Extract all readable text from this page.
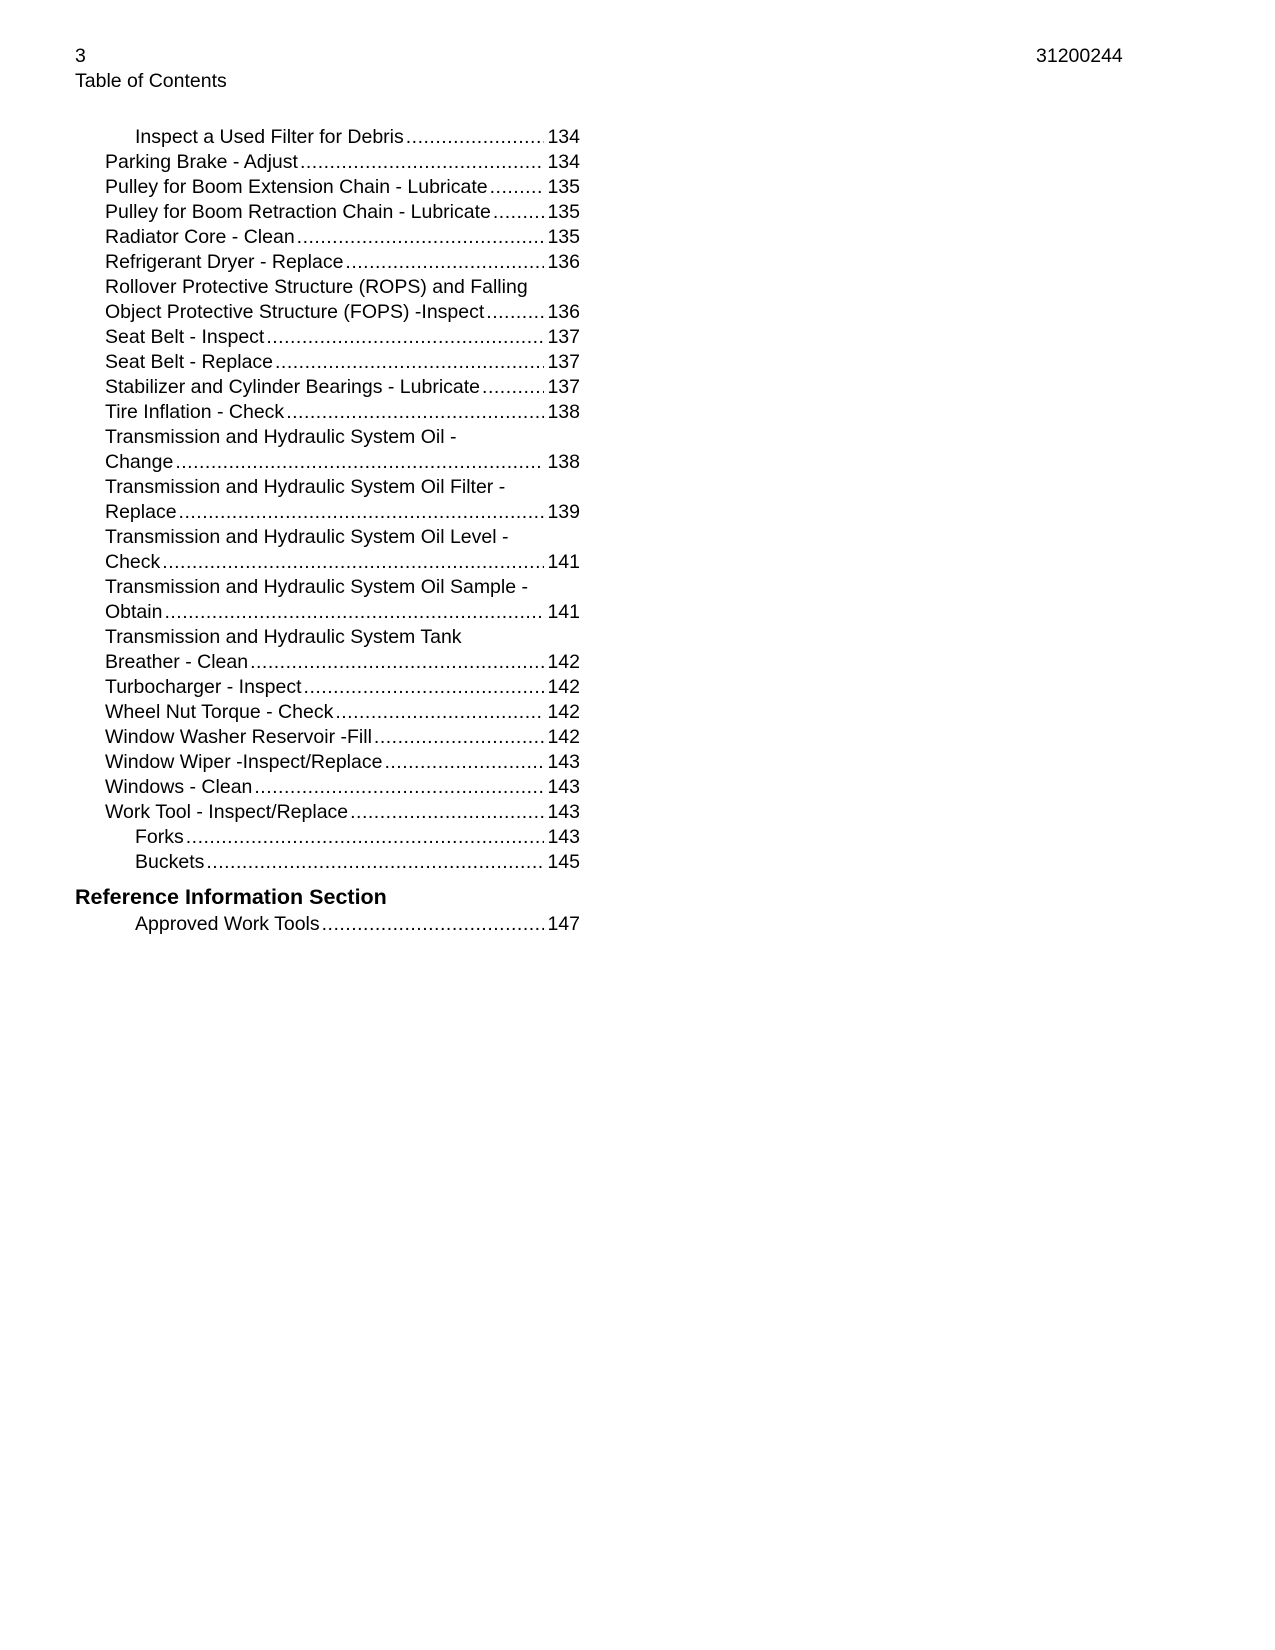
3
Table of Contents
31200244
Inspect a Used Filter for Debris .....	134
Parking Brake - Adjust .....	134
Pulley for Boom Extension Chain - Lubricate .....	135
Pulley for Boom Retraction Chain - Lubricate .....	135
Radiator Core - Clean .....	135
Refrigerant Dryer - Replace .....	136
Rollover Protective Structure (ROPS) and Falling
Object Protective Structure (FOPS) -Inspect .....	136
Seat Belt - Inspect .....	137
Seat Belt - Replace .....	137
Stabilizer and Cylinder Bearings - Lubricate .....	137
Tire Inflation - Check .....	138
Transmission and Hydraulic System Oil -
Change .....	138
Transmission and Hydraulic System Oil Filter -
Replace .....	139
Transmission and Hydraulic System Oil Level -
Check .....	141
Transmission and Hydraulic System Oil Sample -
Obtain .....	141
Transmission and Hydraulic System Tank
Breather - Clean .....	142
Turbocharger - Inspect .....	142
Wheel Nut Torque - Check .....	142
Window Washer Reservoir -Fill .....	142
Window Wiper -Inspect/Replace .....	143
Windows - Clean .....	143
Work Tool - Inspect/Replace .....	143
Forks .....	143
Buckets .....	145
Reference Information Section
Approved Work Tools .....	147
